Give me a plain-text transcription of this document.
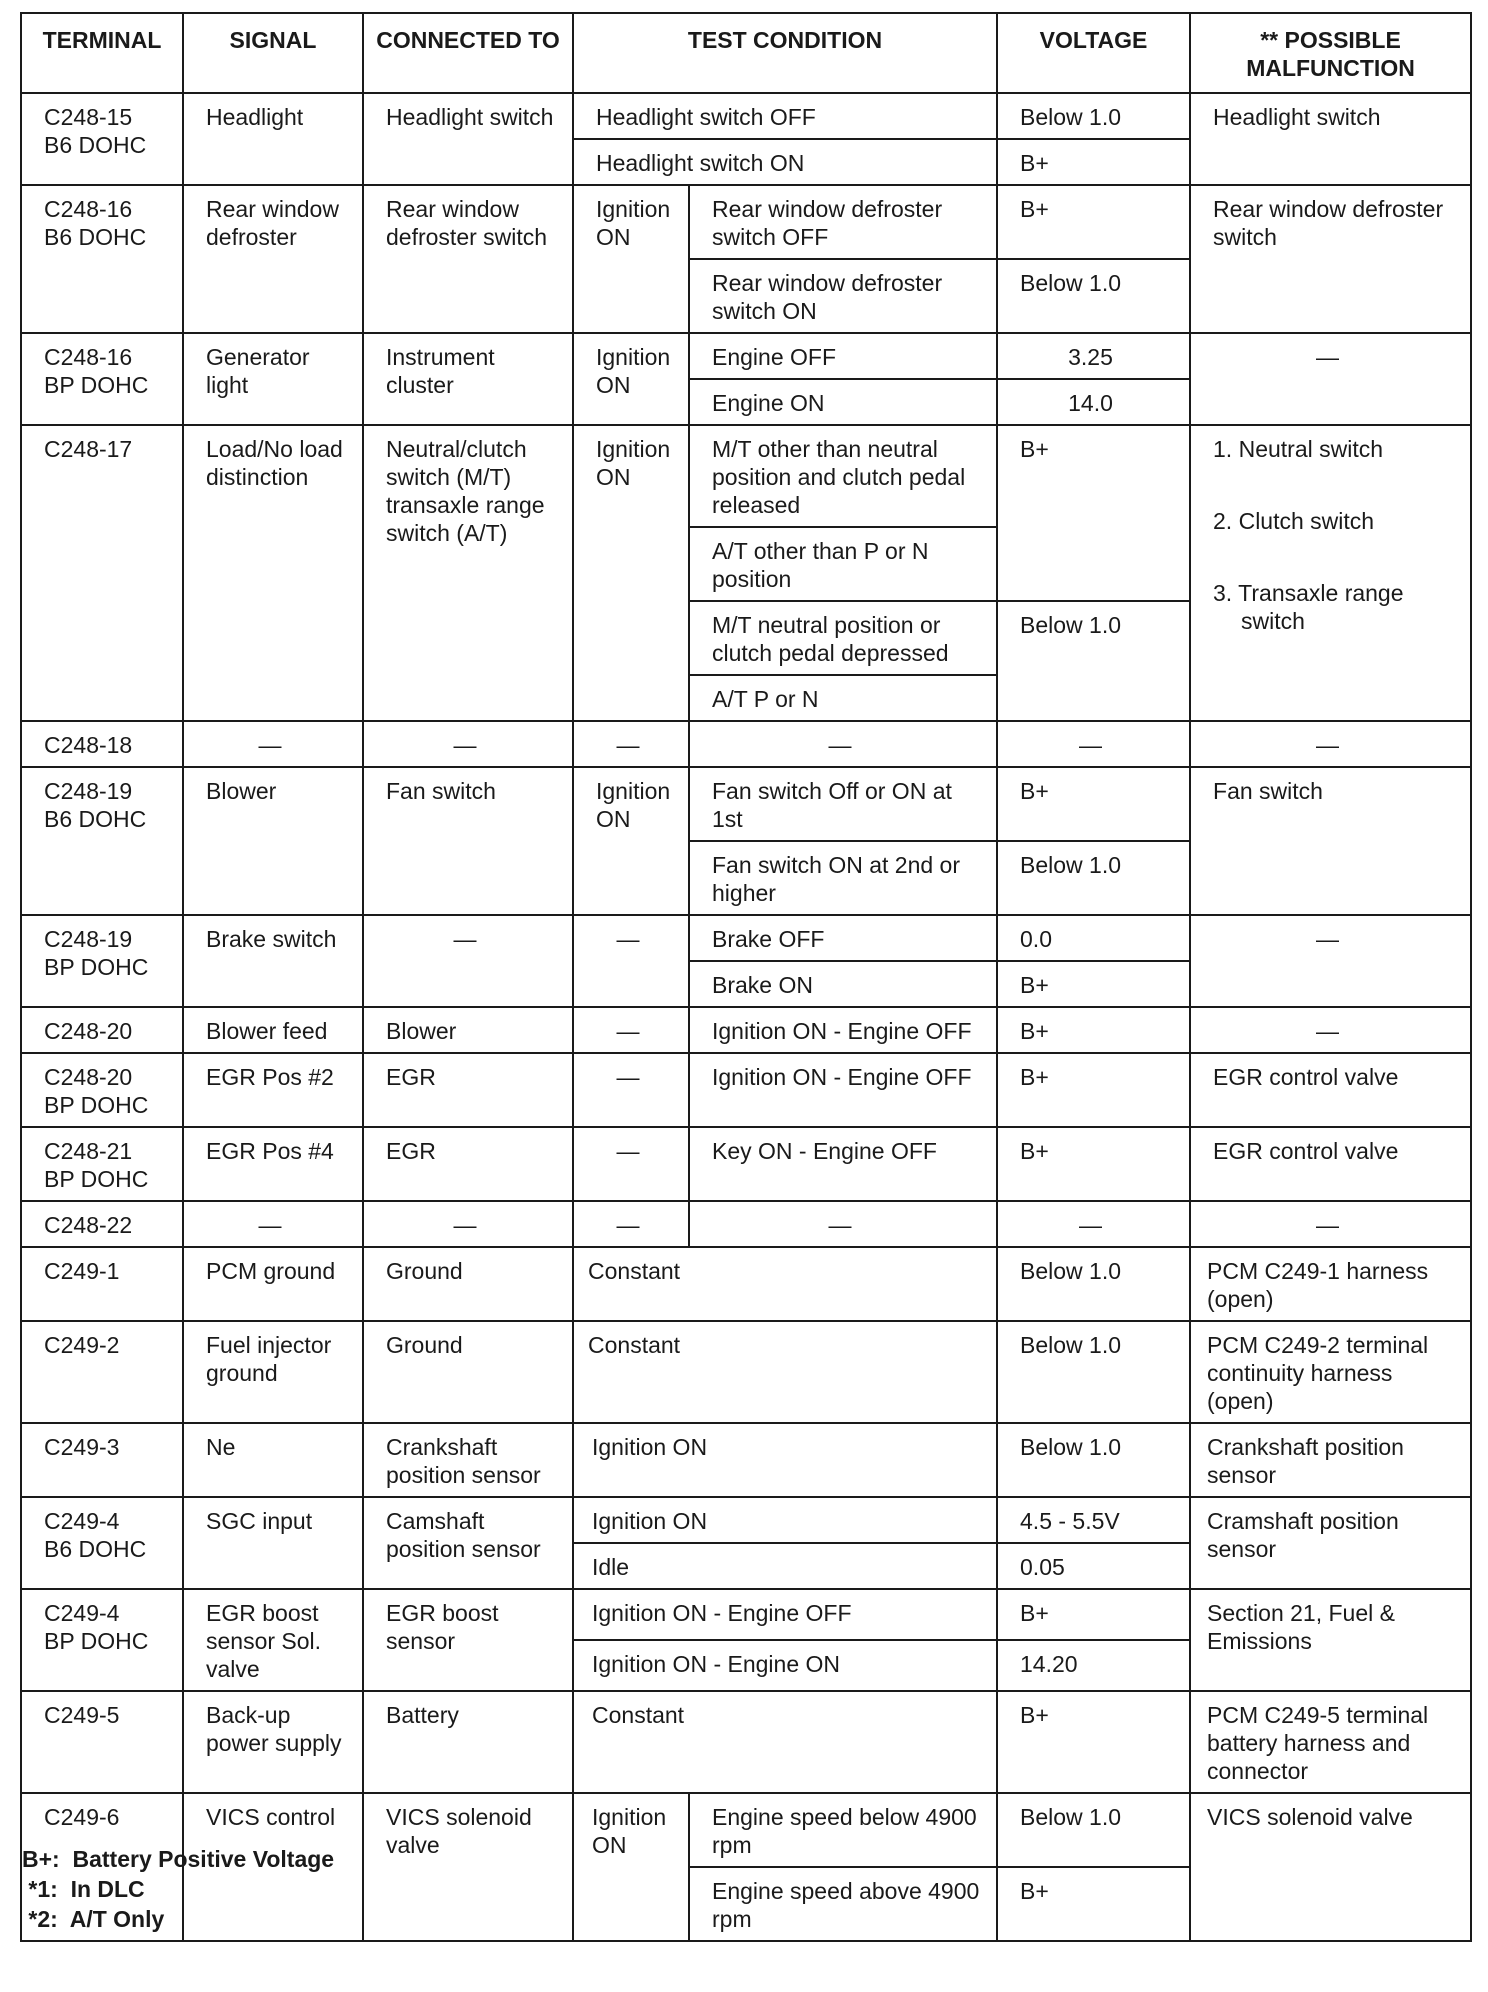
TERMINAL	SIGNAL	CONNECTED TO	TEST CONDITION		VOLTAGE	** POSSIBLE MALFUNCTION
C248-15
B6 DOHC	Headlight	Headlight switch	Headlight switch OFF		Below 1.0	Headlight switch
			Headlight switch ON		B+	
C248-16
B6 DOHC	Rear window defroster	Rear window defroster switch	Ignition ON	Rear window defroster switch OFF	B+	Rear window defroster switch
				Rear window defroster switch ON	Below 1.0	
C248-16
BP DOHC	Generator light	Instrument cluster	Ignition ON	Engine OFF	3.25	—
				Engine ON	14.0	
C248-17	Load/No load distinction	Neutral/clutch switch (M/T) transaxle range switch (A/T)	Ignition ON	M/T other than neutral position and clutch pedal released	B+	1. Neutral switch
2. Clutch switch
3. Transaxle range switch

				A/T other than P or N position		
				M/T neutral position or clutch pedal depressed	Below 1.0	
				A/T P or N		
C248-18	—	—	—	—	—	—
C248-19
B6 DOHC	Blower	Fan switch	Ignition ON	Fan switch Off or ON at 1st	B+	Fan switch
				Fan switch ON at 2nd or higher	Below 1.0	
C248-19
BP DOHC	Brake switch	—	—	Brake OFF	0.0	—
				Brake ON	B+	
C248-20	Blower feed	Blower	—	Ignition ON - Engine OFF	B+	—
C248-20
BP DOHC	EGR Pos #2	EGR	—	Ignition ON - Engine OFF	B+	EGR control valve
C248-21
BP DOHC	EGR Pos #4	EGR	—	Key ON - Engine OFF	B+	EGR control valve
C248-22	—	—	—	—	—	—
C249-1	PCM ground	Ground	Constant		Below 1.0	PCM C249-1 harness (open)
C249-2	Fuel injector ground	Ground	Constant		Below 1.0	PCM C249-2 terminal continuity harness (open)
C249-3	Ne	Crankshaft position sensor	Ignition ON		Below 1.0	Crankshaft position sensor
C249-4
B6 DOHC	SGC input	Camshaft position sensor	Ignition ON		4.5 - 5.5V	Cramshaft position sensor
			Idle		0.05	
C249-4
BP DOHC	EGR boost sensor Sol. valve	EGR boost sensor	Ignition ON - Engine OFF		B+	Section 21, Fuel & Emissions
			Ignition ON - Engine ON		14.20	
C249-5	Back-up power supply	Battery	Constant		B+	PCM C249-5 terminal battery harness and connector
C249-6	VICS control	VICS solenoid valve	Ignition ON	Engine speed below 4900 rpm	Below 1.0	VICS solenoid valve
				Engine speed above 4900 rpm	B+	
B+:  Battery Positive Voltage
*1:  In DLC
*2:  A/T Only
